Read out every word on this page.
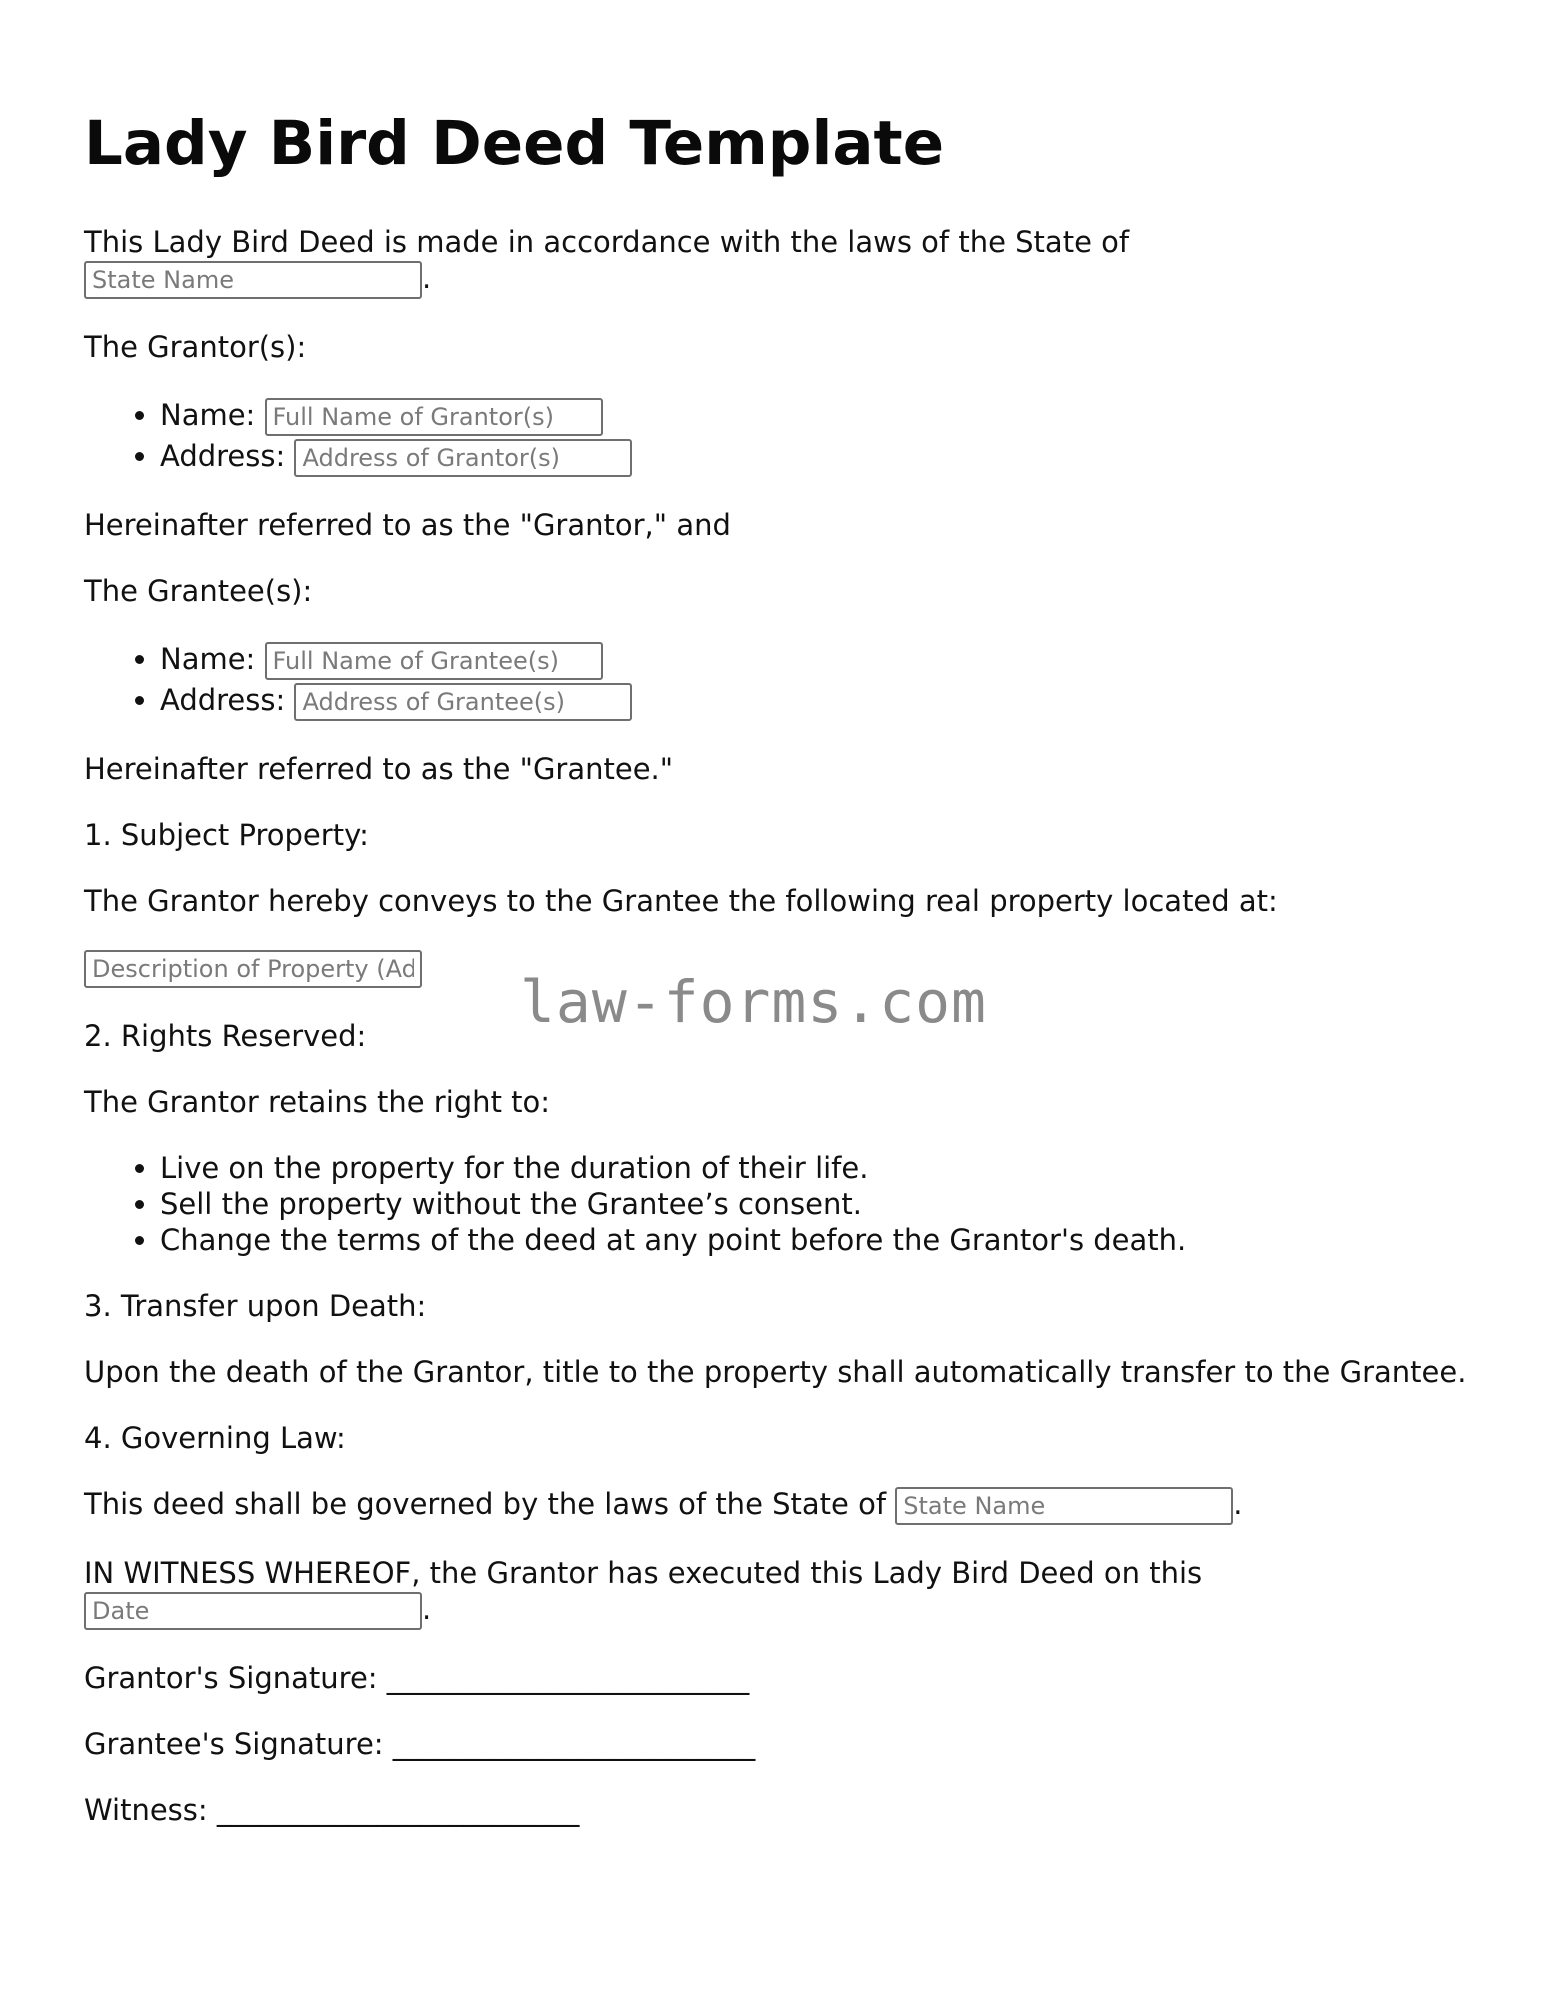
Lady Bird Deed Template

This Lady Bird Deed is made in accordance with the laws of the State of
State Name.

The Grantor(s):

• Name: Full Name of Grantor(s)
• Address: Address of Grantor(s)

Hereinafter referred to as the "Grantor," and

The Grantee(s):

• Name: Full Name of Grantee(s)
• Address: Address of Grantee(s)

Hereinafter referred to as the "Grantee."

1. Subject Property:

The Grantor hereby conveys to the Grantee the following real property located at:

Description of Property (Address)

2. Rights Reserved:

The Grantor retains the right to:

• Live on the property for the duration of their life.
• Sell the property without the Grantee’s consent.
• Change the terms of the deed at any point before the Grantor's death.

3. Transfer upon Death:

Upon the death of the Grantor, title to the property shall automatically transfer to the Grantee.

4. Governing Law:

This deed shall be governed by the laws of the State of State Name	.

IN WITNESS WHEREOF, the Grantor has executed this Lady Bird Deed on this
Date.

Grantor's Signature: _________________________

Grantee's Signature: _________________________

Witness: _________________________

law-forms.com
